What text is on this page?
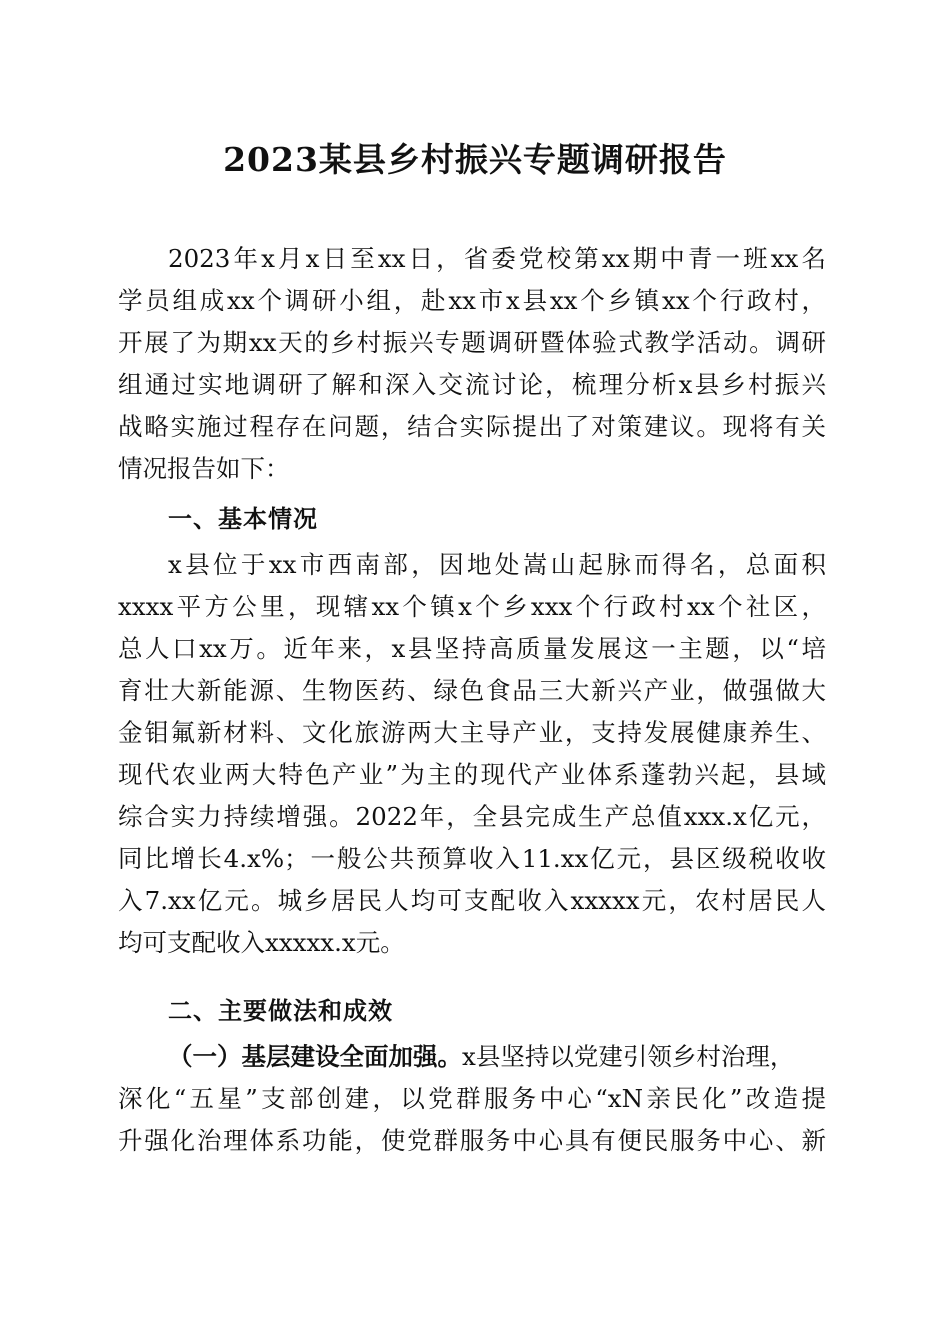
2023某县乡村振兴专题调研报告
2023年x月x日至xx日，省委党校第xx期中青一班xx名
学员组成xx个调研小组，赴xx市x县xx个乡镇xx个行政村，
开展了为期xx天的乡村振兴专题调研暨体验式教学活动。调研
组通过实地调研了解和深入交流讨论，梳理分析x县乡村振兴
战略实施过程存在问题，结合实际提出了对策建议。现将有关
情况报告如下：
一、基本情况
x县位于xx市西南部，因地处嵩山起脉而得名，总面积
xxxx平方公里，现辖xx个镇x个乡xxx个行政村xx个社区，
总人口xx万。近年来，x县坚持高质量发展这一主题，以“培
育壮大新能源、生物医药、绿色食品三大新兴产业，做强做大
金钼氟新材料、文化旅游两大主导产业，支持发展健康养生、
现代农业两大特色产业”为主的现代产业体系蓬勃兴起，县域
综合实力持续增强。2022年，全县完成生产总值xxx.x亿元，
同比增长4.x%；一般公共预算收入11.xx亿元，县区级税收收
入7.xx亿元。城乡居民人均可支配收入xxxxx元，农村居民人
均可支配收入xxxxx.x元。
二、主要做法和成效
（一）基层建设全面加强。x县坚持以党建引领乡村治理，
深化“五星”支部创建，以党群服务中心“xN亲民化”改造提
升强化治理体系功能，使党群服务中心具有便民服务中心、新
